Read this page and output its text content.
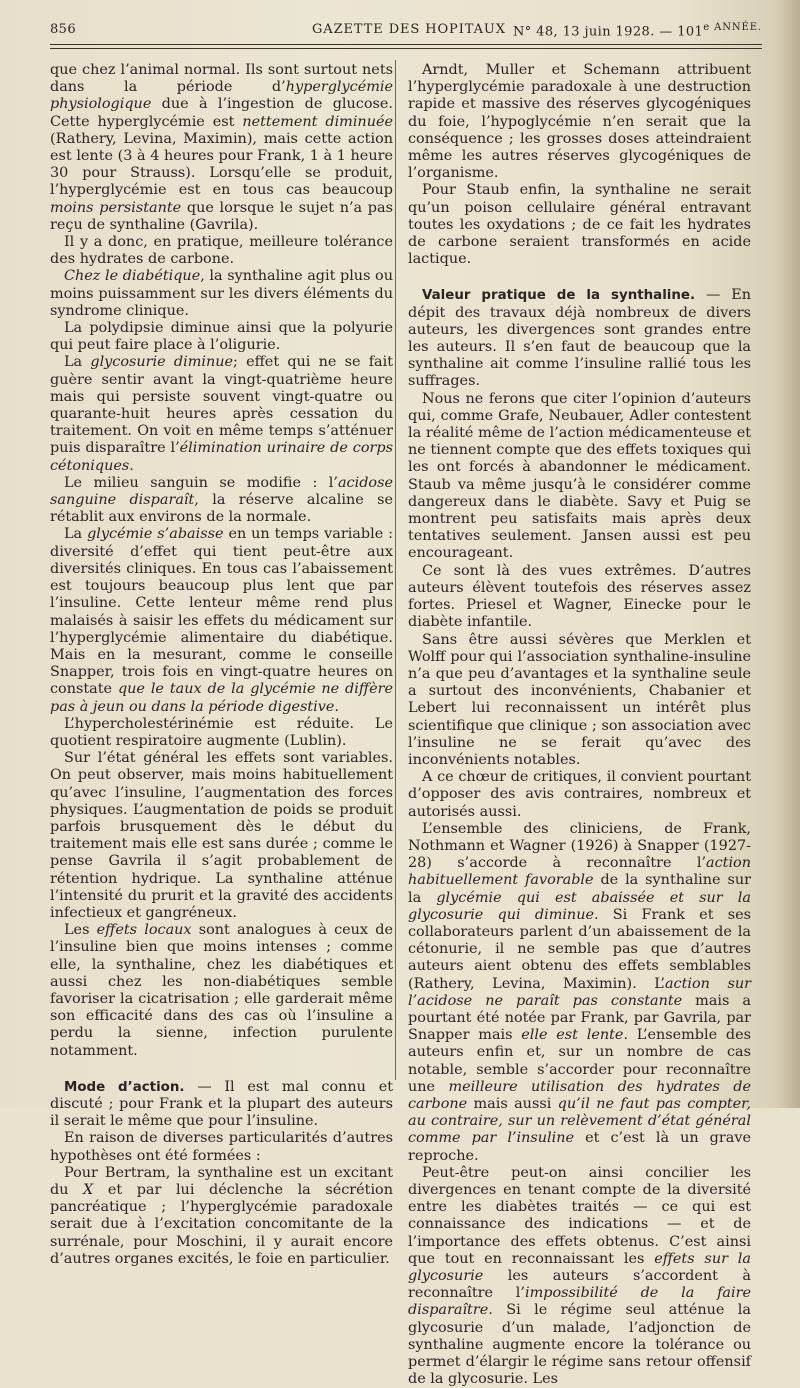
856	GAZETTE DES HOPITAUX N° 48, 13 juin 1928. — $101^{e ANNÉE.}$

que chez l’animal normal. Ils sont surtout nets dans la période d’hyperglycémie physiologique due à l’ingestion de glucose. Cette hyperglycémie est nettement diminuée (Rathery, Levina, Maximin), mais cette action est lente (3 à 4 heures pour Frank, 1 à 1 heure 30 pour Strauss). Lorsqu’elle se produit, l’hyperglycémie est en tous cas beaucoup moins persistante que lorsque le sujet n’a pas reçu de synthaline (Gavrila).

Il y a donc, en pratique, meilleure tolérance des hydrates de carbone.

Chez le diabétique, la synthaline agit plus ou moins puissamment sur les divers éléments du syndrome clinique.

La polydipsie diminue ainsi que la polyurie qui peut faire place à l’oligurie.

La glycosurie diminue; effet qui ne se fait guère sentir avant la vingt-quatrième heure mais qui persiste souvent vingt-quatre ou quarante-huit heures après cessation du traitement. On voit en même temps s’atténuer puis disparaître l’élimination urinaire de corps cétoniques.

Le milieu sanguin se modifie : l’acidose sanguine disparaît, la réserve alcaline se rétablit aux environs de la normale.

La glycémie s’abaisse en un temps variable : diversité d’effet qui tient peut-être aux diversités cliniques. En tous cas l’abaissement est toujours beaucoup plus lent que par l’insuline. Cette lenteur même rend plus malaisés à saisir les effets du médicament sur l’hyperglycémie alimentaire du diabétique. Mais en la mesurant, comme le conseille Snapper, trois fois en vingt-quatre heures on constate que le taux de la glycémie ne diffère pas à jeun ou dans la période digestive.

L’hypercholestérinémie est réduite. Le quotient respiratoire augmente (Lublin).

Sur l’état général les effets sont variables. On peut observer, mais moins habituellement qu’avec l’insuline, l’augmentation des forces physiques. L’augmentation de poids se produit parfois brusquement dès le début du traitement mais elle est sans durée ; comme le pense Gavrila il s’agit probablement de rétention hydrique. La synthaline atténue l’intensité du prurit et la gravité des accidents infectieux et gangréneux.

Les effets locaux sont analogues à ceux de l’insuline bien que moins intenses ; comme elle, la synthaline, chez les diabétiques et aussi chez les non-diabétiques semble favoriser la cicatrisation ; elle garderait même son efficacité dans des cas où l’insuline a perdu la sienne, infection purulente notamment.

Mode d’action. — Il est mal connu et discuté ; pour Frank et la plupart des auteurs il serait le même que pour l’insuline.

En raison de diverses particularités d’autres hypothèses ont été formées :

Pour Bertram, la synthaline est un excitant du X et par lui déclenche la sécrétion pancréatique ; l’hyperglycémie paradoxale serait due à l’excitation concomitante de la surrénale, pour Moschini, il y aurait encore d’autres organes excités, le foie en particulier.

Arndt, Muller et Schemann attribuent l’hyperglycémie paradoxale à une destruction rapide et massive des réserves glycogéniques du foie, l’hypoglycémie n’en serait que la conséquence ; les grosses doses atteindraient même les autres réserves glycogéniques de l’organisme.

Pour Staub enfin, la synthaline ne serait qu’un poison cellulaire général entravant toutes les oxydations ; de ce fait les hydrates de carbone seraient transformés en acide lactique.

Valeur pratique de la synthaline. — En dépit des travaux déjà nombreux de divers auteurs, les divergences sont grandes entre les auteurs. Il s’en faut de beaucoup que la synthaline ait comme l’insuline rallié tous les suffrages.

Nous ne ferons que citer l’opinion d’auteurs qui, comme Grafe, Neubauer, Adler contestent la réalité même de l’action médicamenteuse et ne tiennent compte que des effets toxiques qui les ont forcés à abandonner le médicament. Staub va même jusqu’à le considérer comme dangereux dans le diabète. Savy et Puig se montrent peu satisfaits mais après deux tentatives seulement. Jansen aussi est peu encourageant.

Ce sont là des vues extrêmes. D’autres auteurs élèvent toutefois des réserves assez fortes. Priesel et Wagner, Einecke pour le diabète infantile.

Sans être aussi sévères que Merklen et Wolff pour qui l’association synthaline-insuline n’a que peu d’avantages et la synthaline seule a surtout des inconvénients, Chabanier et Lebert lui reconnaissent un intérêt plus scientifique que clinique ; son association avec l’insuline ne se ferait qu’avec des inconvénients notables.

A ce chœur de critiques, il convient pourtant d’opposer des avis contraires, nombreux et autorisés aussi.

L’ensemble des cliniciens, de Frank, Nothmann et Wagner (1926) à Snapper (1927-28) s’accorde à reconnaître l’action habituellement favorable de la synthaline sur la glycémie qui est abaissée et sur la glycosurie qui diminue. Si Frank et ses collaborateurs parlent d’un abaissement de la cétonurie, il ne semble pas que d’autres auteurs aient obtenu des effets semblables (Rathery, Levina, Maximin). L’action sur l’acidose ne paraît pas constante mais a pourtant été notée par Frank, par Gavrila, par Snapper mais elle est lente. L’ensemble des auteurs enfin et, sur un nombre de cas notable, semble s’accorder pour reconnaître une meilleure utilisation des hydrates de carbone mais aussi qu’il ne faut pas compter, au contraire, sur un relèvement d’état général comme par l’insuline et c’est là un grave reproche.

Peut-être peut-on ainsi concilier les divergences en tenant compte de la diversité entre les diabètes traités — ce qui est connaissance des indications — et de l’importance des effets obtenus. C’est ainsi que tout en reconnaissant les effets sur la glycosurie les auteurs s’accordent à reconnaître l’impossibilité de la faire disparaître. Si le régime seul atténue la glycosurie d’un malade, l’adjonction de synthaline augmente encore la tolérance ou permet d’élargir le régime sans retour offensif de la glycosurie. Les
